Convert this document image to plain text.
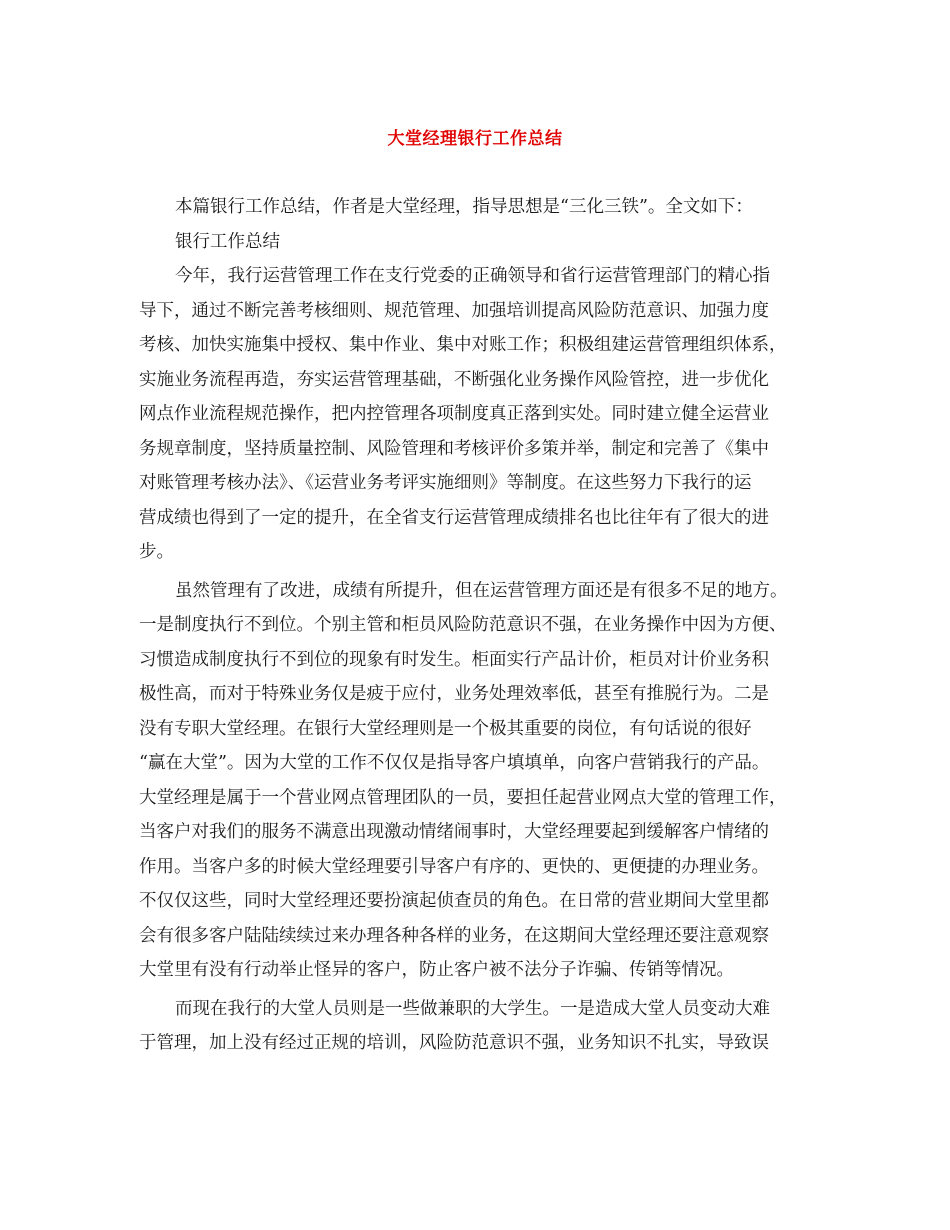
大堂经理银行工作总结
本篇银行工作总结，作者是大堂经理，指导思想是“三化三铁”。全文如下：
银行工作总结
今年，我行运营管理工作在支行党委的正确领导和省行运营管理部门的精心指
导下，通过不断完善考核细则、规范管理、加强培训提高风险防范意识、加强力度
考核、加快实施集中授权、集中作业、集中对账工作；积极组建运营管理组织体系，
实施业务流程再造，夯实运营管理基础，不断强化业务操作风险管控，进一步优化
网点作业流程规范操作，把内控管理各项制度真正落到实处。同时建立健全运营业
务规章制度，坚持质量控制、风险管理和考核评价多策并举，制定和完善了《集中
对账管理考核办法》、《运营业务考评实施细则》等制度。在这些努力下我行的运
营成绩也得到了一定的提升，在全省支行运营管理成绩排名也比往年有了很大的进
步。
虽然管理有了改进，成绩有所提升，但在运营管理方面还是有很多不足的地方。
一是制度执行不到位。个别主管和柜员风险防范意识不强，在业务操作中因为方便、
习惯造成制度执行不到位的现象有时发生。柜面实行产品计价，柜员对计价业务积
极性高，而对于特殊业务仅是疲于应付，业务处理效率低，甚至有推脱行为。二是
没有专职大堂经理。在银行大堂经理则是一个极其重要的岗位，有句话说的很好
“赢在大堂”。因为大堂的工作不仅仅是指导客户填填单，向客户营销我行的产品。
大堂经理是属于一个营业网点管理团队的一员，要担任起营业网点大堂的管理工作，
当客户对我们的服务不满意出现激动情绪闹事时，大堂经理要起到缓解客户情绪的
作用。当客户多的时候大堂经理要引导客户有序的、更快的、更便捷的办理业务。
不仅仅这些，同时大堂经理还要扮演起侦查员的角色。在日常的营业期间大堂里都
会有很多客户陆陆续续过来办理各种各样的业务，在这期间大堂经理还要注意观察
大堂里有没有行动举止怪异的客户，防止客户被不法分子诈骗、传销等情况。
而现在我行的大堂人员则是一些做兼职的大学生。一是造成大堂人员变动大难
于管理，加上没有经过正规的培训，风险防范意识不强，业务知识不扎实，导致误
